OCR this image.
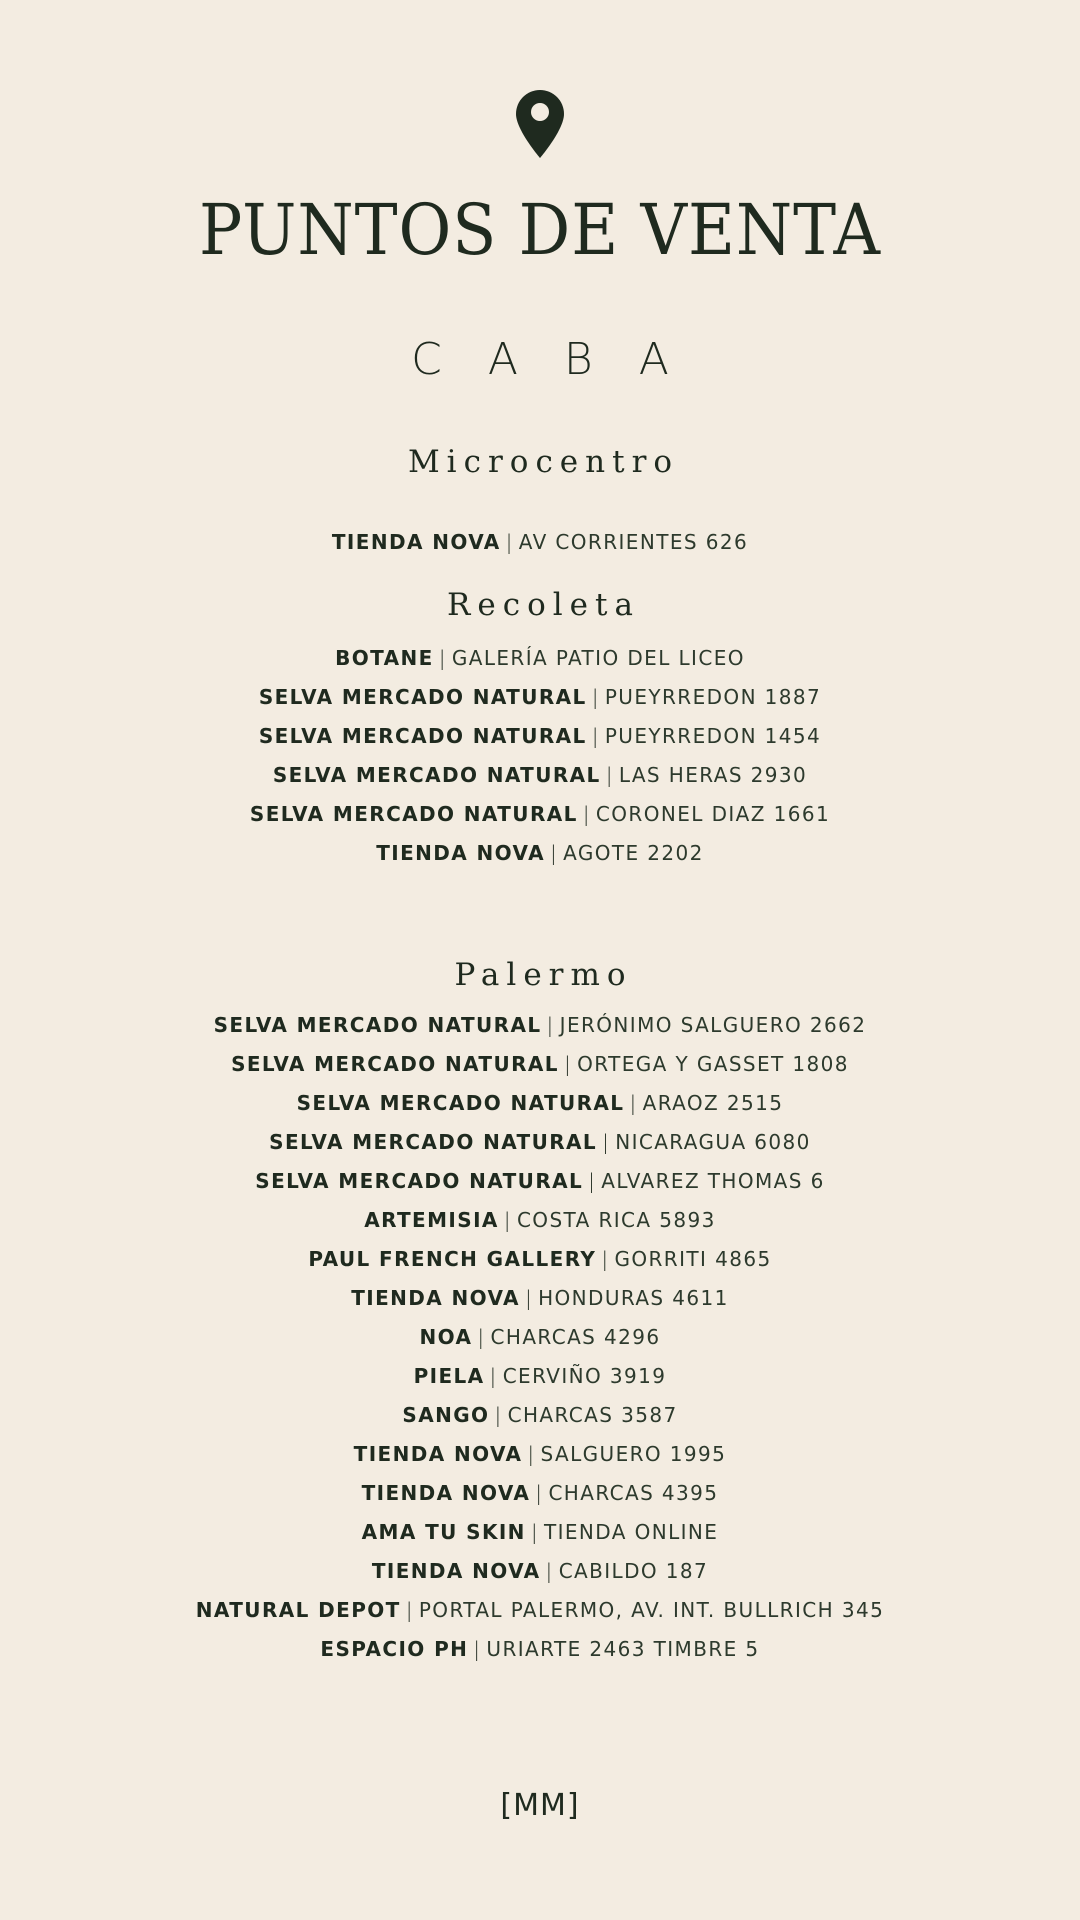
PUNTOS DE VENTA
C A B A
Microcentro
TIENDA NOVA | AV CORRIENTES 626
Recoleta
BOTANE | GALERÍA PATIO DEL LICEO
SELVA MERCADO NATURAL | PUEYRREDON 1887
SELVA MERCADO NATURAL | PUEYRREDON 1454
SELVA MERCADO NATURAL | LAS HERAS 2930
SELVA MERCADO NATURAL | CORONEL DIAZ 1661
TIENDA NOVA | AGOTE 2202
Palermo
SELVA MERCADO NATURAL | JERÓNIMO SALGUERO 2662
SELVA MERCADO NATURAL | ORTEGA Y GASSET 1808
SELVA MERCADO NATURAL | ARAOZ 2515
SELVA MERCADO NATURAL | NICARAGUA 6080
SELVA MERCADO NATURAL | ALVAREZ THOMAS 6
ARTEMISIA | COSTA RICA 5893
PAUL FRENCH GALLERY | GORRITI 4865
TIENDA NOVA | HONDURAS 4611
NOA | CHARCAS 4296
PIELA | CERVIÑO 3919
SANGO | CHARCAS 3587
TIENDA NOVA | SALGUERO 1995
TIENDA NOVA | CHARCAS 4395
AMA TU SKIN | TIENDA ONLINE
TIENDA NOVA | CABILDO 187
NATURAL DEPOT | PORTAL PALERMO, AV. INT. BULLRICH 345
ESPACIO PH | URIARTE 2463 TIMBRE 5
[MM]
